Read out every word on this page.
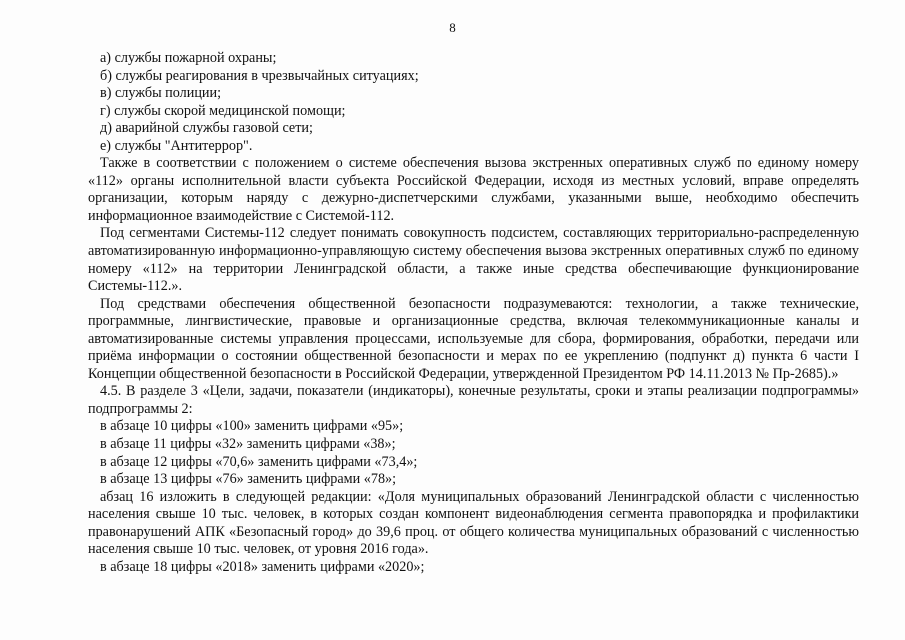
8

а) службы пожарной охраны;

б) службы реагирования в чрезвычайных ситуациях;

в) службы полиции;

г) службы скорой медицинской помощи;

д) аварийной службы газовой сети;

е) службы "Антитеррор".

Также в соответствии с положением о системе обеспечения вызова экстренных оперативных служб по единому номеру «112» органы исполнительной власти субъекта Российской Федерации, исходя из местных условий, вправе определять организации, которым наряду с дежурно-диспетчерскими службами, указанными выше, необходимо обеспечить информационное взаимодействие с Системой-112.

Под сегментами Системы-112 следует понимать совокупность подсистем, составляющих территориально-распределенную автоматизированную информационно-управляющую систему обеспечения вызова экстренных оперативных служб по единому номеру «112» на территории Ленинградской области, а также иные средства обеспечивающие функционирование Системы-112.».

Под средствами обеспечения общественной безопасности подразумеваются: технологии, а также технические, программные, лингвистические, правовые и организационные средства, включая телекоммуникационные каналы и автоматизированные системы управления процессами, используемые для сбора, формирования, обработки, передачи или приёма информации о состоянии общественной безопасности и мерах по ее укреплению (подпункт д) пункта 6 части I Концепции общественной безопасности в Российской Федерации, утвержденной Президентом РФ 14.11.2013 № Пр-2685).»

4.5. В разделе 3 «Цели, задачи, показатели (индикаторы), конечные результаты, сроки и этапы реализации подпрограммы» подпрограммы 2:

в абзаце 10 цифры «100» заменить цифрами «95»;

в абзаце 11 цифры «32» заменить цифрами «38»;

в абзаце 12 цифры «70,6» заменить цифрами «73,4»;

в абзаце 13 цифры «76» заменить цифрами «78»;

абзац 16 изложить в следующей редакции: «Доля муниципальных образований Ленинградской области с численностью населения свыше 10 тыс. человек, в которых создан компонент видеонаблюдения сегмента правопорядка и профилактики правонарушений АПК «Безопасный город» до 39,6 проц. от общего количества муниципальных образований с численностью населения свыше 10 тыс. человек, от уровня 2016 года».

в абзаце 18 цифры «2018» заменить цифрами «2020»;
